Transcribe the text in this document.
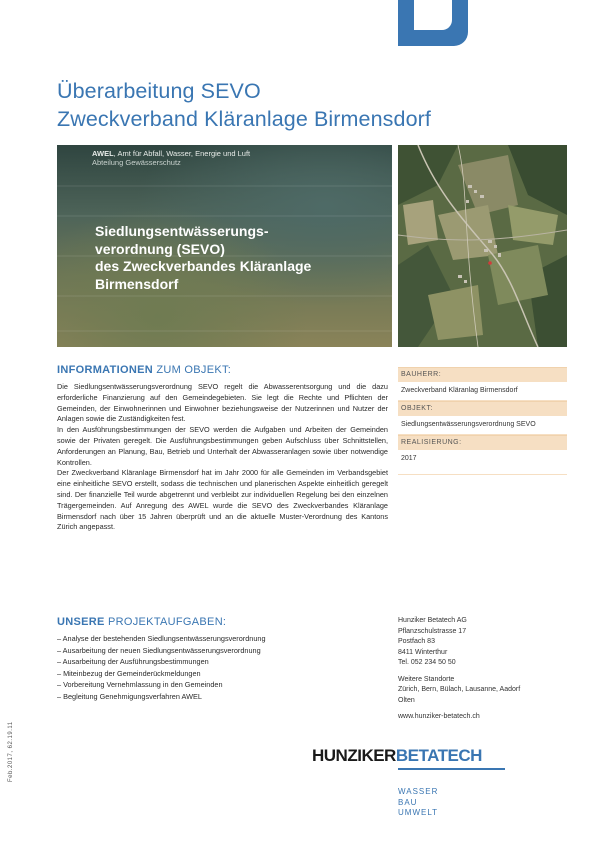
Überarbeitung SEVO
Zweckverband Kläranlage Birmensdorf
AWEL, Amt für Abfall, Wasser, Energie und Luft
Abteilung Gewässerschutz
Siedlungsentwässerungs-
verordnung (SEVO)
des Zweckverbandes Kläranlage
Birmensdorf
INFORMATIONEN ZUM OBJEKT:

Die Siedlungsentwässerungsverordnung SEVO regelt die Abwasserentsorgung und die dazu erforderliche Finanzierung auf den Gemeindegebieten. Sie legt die Rechte und Pflichten der Gemeinden, der Einwohnerinnen und Einwohner beziehungsweise der Nutzerinnen und Nutzer der Anlagen sowie die Zuständigkeiten fest.

In den Ausführungsbestimmungen der SEVO werden die Aufgaben und Arbeiten der Gemeinden sowie der Privaten geregelt. Die Ausführungsbestimmungen geben Aufschluss über Schnittstellen, Anforderungen an Planung, Bau, Betrieb und Unterhalt der Abwasseranlagen sowie über notwendige Kontrollen.

Der Zweckverband Kläranlage Birmensdorf hat im Jahr 2000 für alle Gemeinden im Verbandsgebiet eine einheitliche SEVO erstellt, sodass die technischen und planerischen Aspekte einheitlich geregelt sind. Der finanzielle Teil wurde abgetrennt und verbleibt zur individuellen Regelung bei den einzelnen Trägergemeinden. Auf Anregung des AWEL wurde die SEVO des Zweckverbandes Kläranlage Birmensdorf nach über 15 Jahren überprüft und an die aktuelle Muster-Verordnung des Kantons Zürich angepasst.

BAUHERR:
Zweckverband Kläranlag Birmensdorf
OBJEKT:
Siedlungsentwässerungsverordnung SEVO
REALISIERUNG:
2017
UNSERE PROJEKTAUFGABEN:
– Analyse der bestehenden Siedlungsentwässerungsverordnung
– Ausarbeitung der neuen Siedlungsentwässerungsverordnung
– Ausarbeitung der Ausführungsbestimmungen
– Miteinbezug der Gemeinderückmeldungen
– Vorbereitung Vernehmlassung in den Gemeinden
– Begleitung Genehmigungsverfahren AWEL
Hunziker Betatech AG
Pflanzschulstrasse 17
Postfach 83
8411 Winterthur
Tel. 052 234 50 50
Weitere Standorte
Zürich, Bern, Bülach, Lausanne, Aadorf
Olten
www.hunziker-betatech.ch
HUNZIKERBETATECH
WASSER
BAU
UMWELT
Feb.2017, 62.19.11
